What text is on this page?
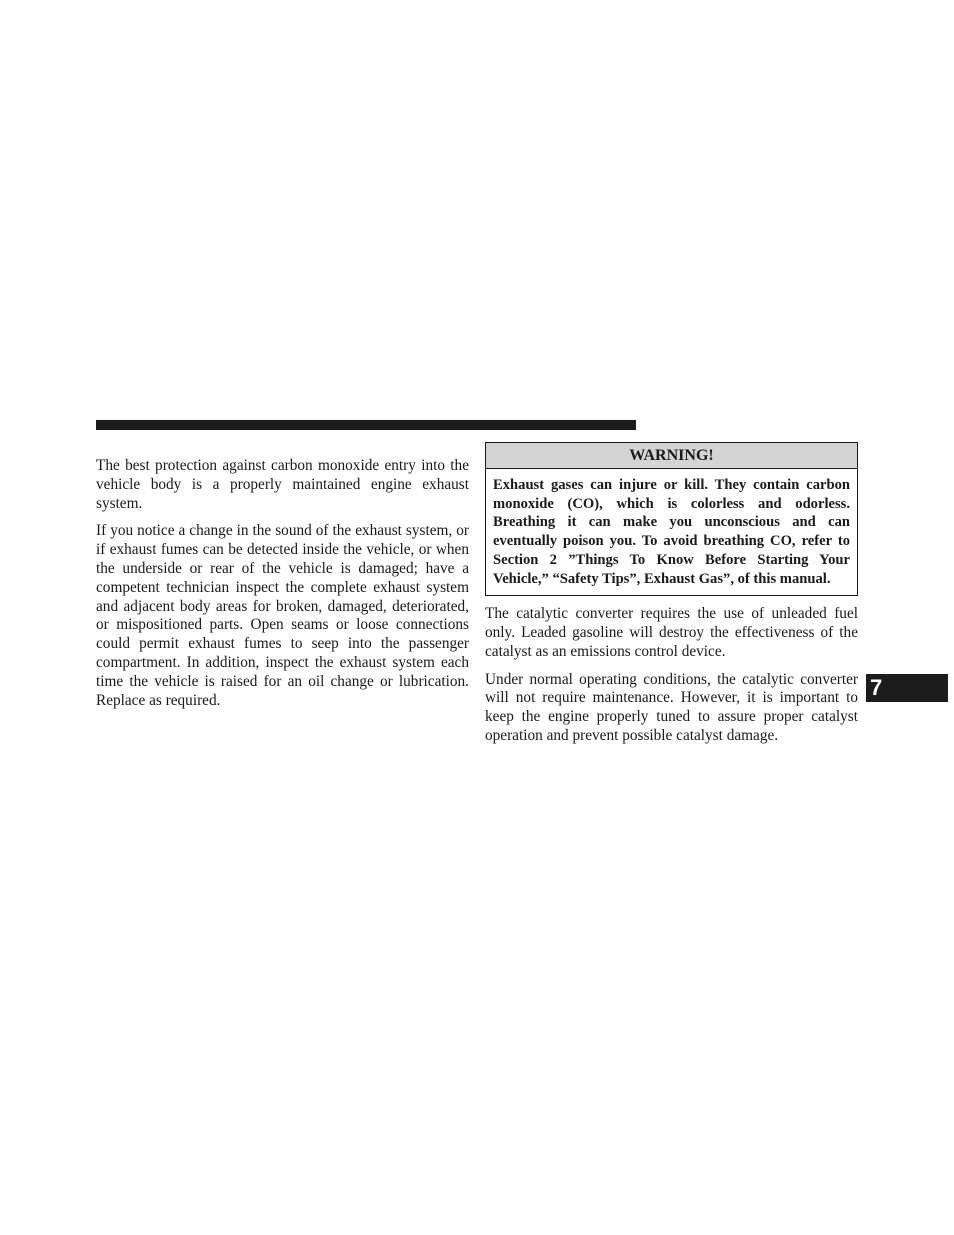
The best protection against carbon monoxide entry into the vehicle body is a properly maintained engine exhaust system.

If you notice a change in the sound of the exhaust system, or if exhaust fumes can be detected inside the vehicle, or when the underside or rear of the vehicle is damaged; have a competent technician inspect the complete exhaust system and adjacent body areas for broken, damaged, deteriorated, or mispositioned parts. Open seams or loose connections could permit exhaust fumes to seep into the passenger compartment. In addition, inspect the exhaust system each time the vehicle is raised for an oil change or lubrication. Replace as required.

WARNING!
Exhaust gases can injure or kill. They contain carbon monoxide (CO), which is colorless and odorless. Breathing it can make you unconscious and can eventually poison you. To avoid breathing CO, refer to Section 2 ”Things To Know Before Starting Your Vehicle,” “Safety Tips”, Exhaust Gas”, of this manual.

The catalytic converter requires the use of unleaded fuel only. Leaded gasoline will destroy the effectiveness of the catalyst as an emissions control device.

Under normal operating conditions, the catalytic converter will not require maintenance. However, it is important to keep the engine properly tuned to assure proper catalyst operation and prevent possible catalyst damage.

7
